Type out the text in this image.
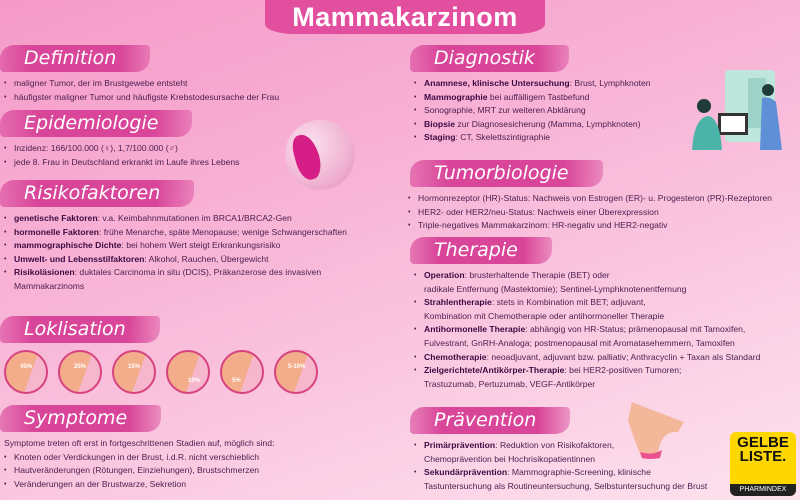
Mammakarzinom
Definition
• maligner Tumor, der im Brustgewebe entsteht
• häufigster maligner Tumor und häufigste Krebstodesursache der Frau
Epidemiologie
• Inzidenz: 166/100.000 (♀), 1,7/100.000 (♂)
• jede 8. Frau in Deutschland erkrankt im Laufe ihres Lebens
Risikofaktoren
• genetische Faktoren: v.a. Keimbahnmutationen im BRCA1/BRCA2-Gen
• hormonelle Faktoren: frühe Menarche, späte Menopause; wenige Schwangerschaften
• mammographische Dichte: bei hohem Wert steigt Erkrankungsrisiko
• Umwelt- und Lebensstilfaktoren: Alkohol, Rauchen, Übergewicht
• Risikoläsionen: duktales Carcinoma in situ (DCIS), Präkanzerose des invasiven
Mammakarzinoms
Loklisation
45%	25%	15%
10%	5%
5-10%
Symptome
Symptome treten oft erst in fortgeschrittenen Stadien auf, möglich sind:
• Knoten oder Verdickungen in der Brust, i.d.R. nicht verschieblich
• Hautveränderungen (Rötungen, Einziehungen), Brustschmerzen
• Veränderungen an der Brustwarze, Sekretion
Diagnostik
• Anamnese, klinische Untersuchung: Brust, Lymphknoten
• Mammographie bei auffälligem Tastbefund
• Sonographie, MRT zur weiteren Abklärung
• Biopsie zur Diagnosesicherung (Mamma, Lymphknoten)
• Staging: CT, Skelettszintigraphie
Tumorbiologie
• Hormonrezeptor (HR)-Status: Nachweis von Estrogen (ER)- u. Progesteron (PR)-Rezeptoren
• HER2- oder HER2/neu-Status: Nachweis einer Überexpression
• Triple-negatives Mammakarzinom: HR-negativ und HER2-negativ
Therapie
• Operation: brusterhaltende Therapie (BET) oder
radikale Entfernung (Mastektomie); Sentinel-Lymphknotenentfernung
• Strahlentherapie: stets in Kombination mit BET; adjuvant,
Kombination mit Chemotherapie oder antihormoneller Therapie
• Antihormonelle Therapie: abhängig von HR-Status; prämenopausal mit Tamoxifen,
Fulvestrant, GnRH-Analoga; postmenopausal mit Aromatasehemmern, Tamoxifen
• Chemotherapie: neoadjuvant, adjuvant bzw. palliativ; Anthracyclin + Taxan als Standard
• Zielgerichtete/Antikörper-Therapie: bei HER2-positiven Tumoren;
Trastuzumab, Pertuzumab, VEGF-Antikörper
Prävention
• Primärprävention: Reduktion von Risikofaktoren,
Chemoprävention bei Hochrisikopatientinnen
• Sekundärprävention: Mammographie-Screening, klinische
Tastuntersuchung als Routineuntersuchung, Selbstuntersuchung der Brust
GELBE
LISTE.
PHARMINDEX
